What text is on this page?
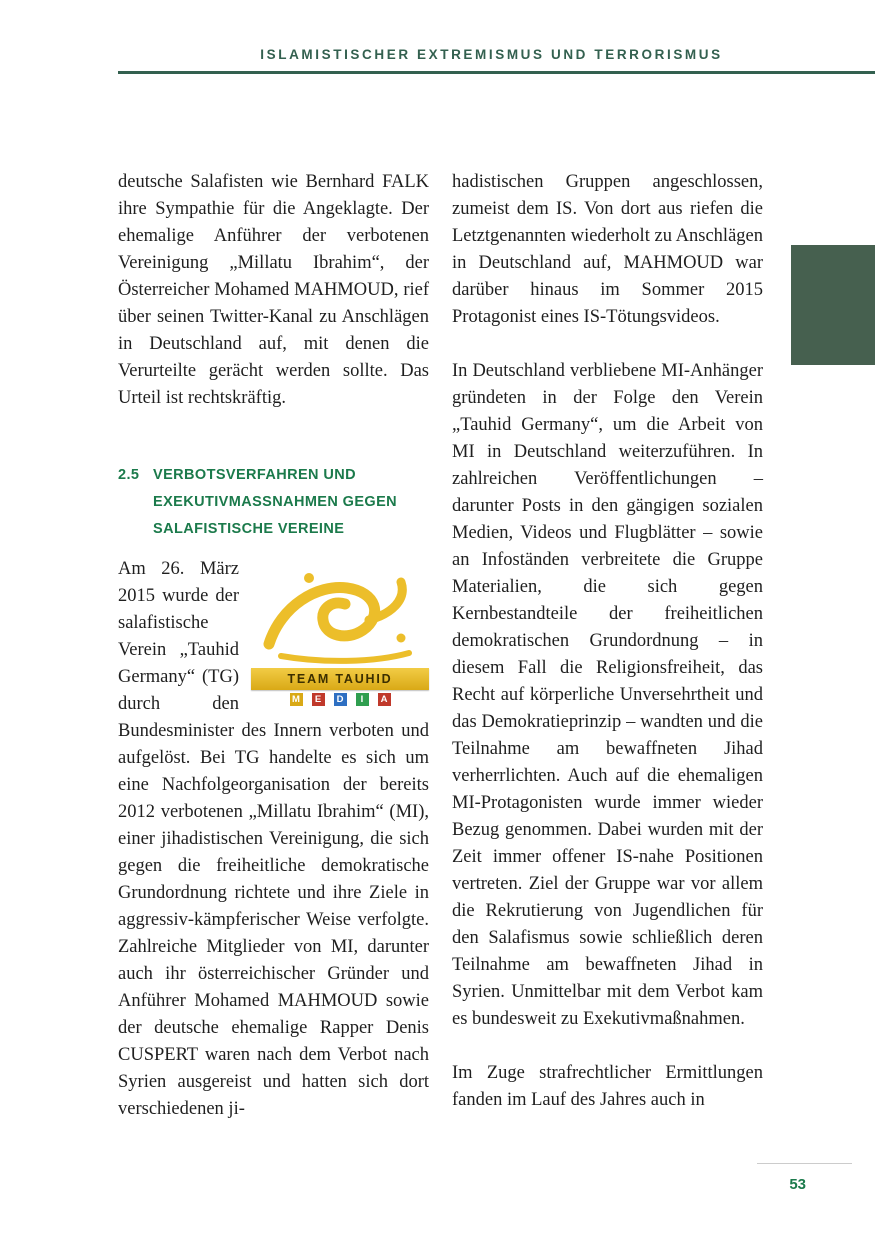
ISLAMISTISCHER EXTREMISMUS UND TERRORISMUS

deutsche Salafisten wie Bernhard FALK ihre Sympathie für die Angeklagte. Der ehemalige Anführer der verbotenen Vereinigung „Millatu Ibrahim“, der Österreicher Mohamed MAHMOUD, rief über seinen Twitter-Kanal zu Anschlägen in Deutschland auf, mit denen die Verurteilte gerächt werden sollte. Das Urteil ist rechtskräftig.

2.5 VERBOTSVERFAHREN UND
EXEKUTIVMASSNAHMEN GEGEN
SALAFISTISCHE VEREINE

TEAM TAUHID
M	E	D	I	A
Am 26. März 2015 wurde der salafistische Verein „Tauhid Germany“ (TG) durch den Bundesminister des Innern verboten und aufgelöst. Bei TG handelte es sich um eine Nachfolgeorganisation der bereits 2012 verbotenen „Millatu Ibrahim“ (MI), einer jihadistischen Vereinigung, die sich gegen die freiheitliche demokratische Grundordnung richtete und ihre Ziele in aggressiv-kämpferischer Weise verfolgte. Zahlreiche Mitglieder von MI, darunter auch ihr österreichischer Gründer und Anführer Mohamed MAHMOUD sowie der deutsche ehemalige Rapper Denis CUSPERT waren nach dem Verbot nach Syrien ausgereist und hatten sich dort verschiedenen ji-

hadistischen Gruppen angeschlossen, zumeist dem IS. Von dort aus riefen die Letztgenannten wiederholt zu Anschlägen in Deutschland auf, MAHMOUD war darüber hinaus im Sommer 2015 Protagonist eines IS-Tötungsvideos.

In Deutschland verbliebene MI-Anhänger gründeten in der Folge den Verein „Tauhid Germany“, um die Arbeit von MI in Deutschland weiterzuführen. In zahlreichen Veröffentlichungen – darunter Posts in den gängigen sozialen Medien, Videos und Flugblätter – sowie an Infoständen verbreitete die Gruppe Materialien, die sich gegen Kernbestandteile der freiheitlichen demokratischen Grundordnung – in diesem Fall die Religionsfreiheit, das Recht auf körperliche Unversehrtheit und das Demokratieprinzip – wandten und die Teilnahme am bewaffneten Jihad verherrlichten. Auch auf die ehemaligen MI-Protagonisten wurde immer wieder Bezug genommen. Dabei wurden mit der Zeit immer offener IS-nahe Positionen vertreten. Ziel der Gruppe war vor allem die Rekrutierung von Jugendlichen für den Salafismus sowie schließlich deren Teilnahme am bewaffneten Jihad in Syrien. Unmittelbar mit dem Verbot kam es bundesweit zu Exekutivmaßnahmen.

Im Zuge strafrechtlicher Ermittlungen fanden im Lauf des Jahres auch in

53
